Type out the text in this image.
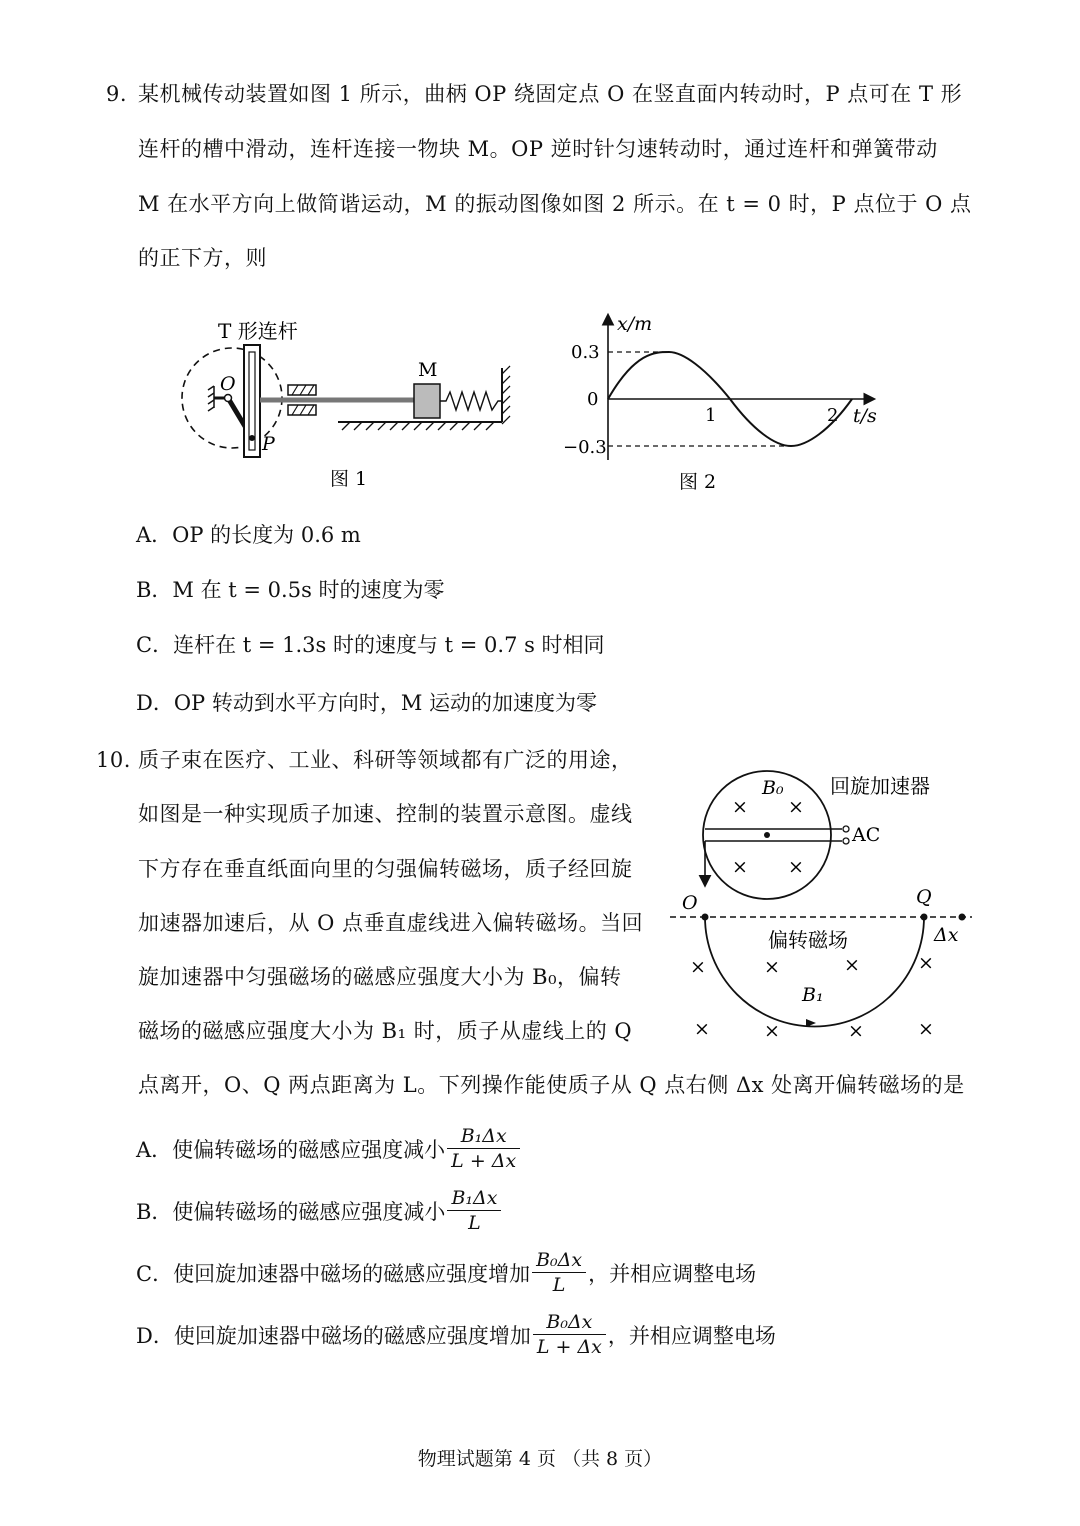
9. 某机械传动装置如图 1 所示，曲柄 OP 绕固定点 O 在竖直面内转动时，P 点可在 T 形
连杆的槽中滑动，连杆连接一物块 M。OP 逆时针匀速转动时，通过连杆和弹簧带动
M 在水平方向上做简谐运动，M 的振动图像如图 2 所示。在 t = 0 时，P 点位于 O 点
的正下方，则
T 形连杆
O
P
M
图 1
x/m
t/s
0.3
0
−0.3
1	2
图 2
A．OP 的长度为 0.6 m
B．M 在 t = 0.5s 时的速度为零
C．连杆在 t = 1.3s 时的速度与 t = 0.7 s 时相同
D．OP 转动到水平方向时，M 运动的加速度为零
10. 质子束在医疗、工业、科研等领域都有广泛的用途，
如图是一种实现质子加速、控制的装置示意图。虚线
下方存在垂直纸面向里的匀强偏转磁场，质子经回旋
加速器加速后，从 O 点垂直虚线进入偏转磁场。当回
旋加速器中匀强磁场的磁感应强度大小为 B₀，偏转
磁场的磁感应强度大小为 B₁ 时，质子从虚线上的 Q
点离开，O、Q 两点距离为 L。下列操作能使质子从 Q 点右侧 Δx 处离开偏转磁场的是
AC
B₀ 回旋加速器
× ×
× ×
O	Q
Δx
偏转磁场
B₁
×	×	×	×
×	×	×	×
A．使偏转磁场的磁感应强度减小 $\frac{\text{B₁Δx}}{L + \Delta x}$
B．使偏转磁场的磁感应强度减小 $\frac{\text{B₁Δx}}{L}$
C．使回旋加速器中磁场的磁感应强度增加 $\frac{\text{B₀Δx}}{L}$ ，并相应调整电场
D．使回旋加速器中磁场的磁感应强度增加 $\frac{\text{B₀Δx}}{L + \Delta x}$ ，并相应调整电场
物理试题第 4 页 （共 8 页）
